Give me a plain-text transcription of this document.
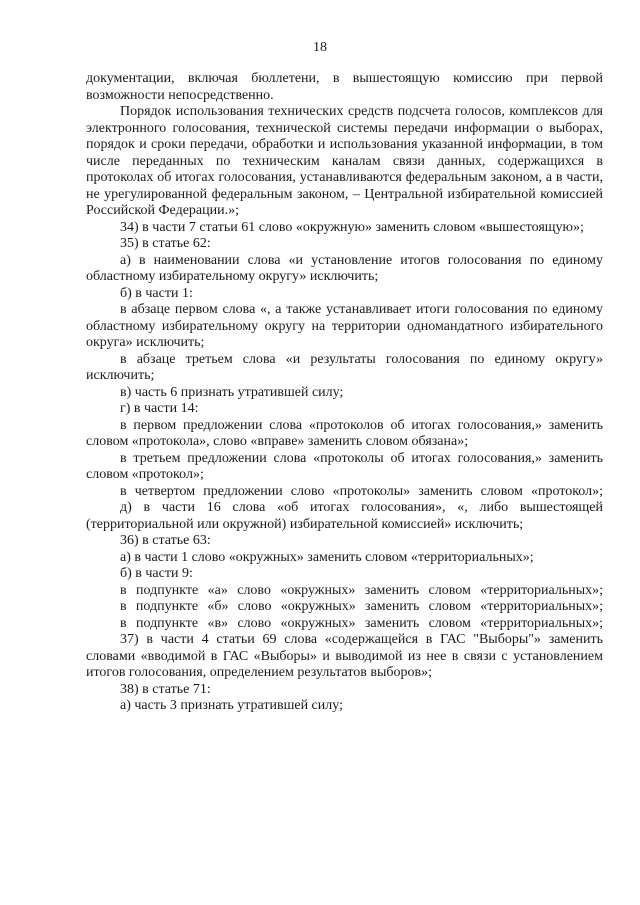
18

документации, включая бюллетени, в вышестоящую комиссию при первой возможности непосредственно.

Порядок использования технических средств подсчета голосов, комплексов для электронного голосования, технической системы передачи информации о выборах, порядок и сроки передачи, обработки и использования указанной информации, в том числе переданных по техническим каналам связи данных, содержащихся в протоколах об итогах голосования, устанавливаются федеральным законом, а в части, не урегулированной федеральным законом, – Центральной избирательной комиссией Российской Федерации.»;

34) в части 7 статьи 61 слово «окружную» заменить словом «вышестоящую»;

35) в статье 62:

а) в наименовании слова «и установление итогов голосования по единому областному избирательному округу» исключить;

б) в части 1:

в абзаце первом слова «, а также устанавливает итоги голосования по единому областному избирательному округу на территории одномандатного избирательного округа» исключить;

в абзаце третьем слова «и результаты голосования по единому округу» исключить;

в) часть 6 признать утратившей силу;

г) в части 14:

в первом предложении слова «протоколов об итогах голосования,» заменить словом «протокола», слово «вправе» заменить словом обязана»;

в третьем предложении слова «протоколы об итогах голосования,» заменить словом «протокол»;

в четвертом предложении слово «протоколы» заменить словом «протокол»;

д) в части 16 слова «об итогах голосования», «, либо вышестоящей (территориальной или окружной) избирательной комиссией» исключить;

36) в статье 63:

а) в части 1 слово «окружных» заменить словом «территориальных»;

б) в части 9:

в подпункте «а» слово «окружных» заменить словом «территориальных»;

в подпункте «б» слово «окружных» заменить словом «территориальных»;

в подпункте «в» слово «окружных» заменить словом «территориальных»;

37) в части 4 статьи 69 слова «содержащейся в ГАС "Выборы"» заменить словами «вводимой в ГАС «Выборы» и выводимой из нее в связи с установлением итогов голосования, определением результатов выборов»;

38) в статье 71:

а) часть 3 признать утратившей силу;
